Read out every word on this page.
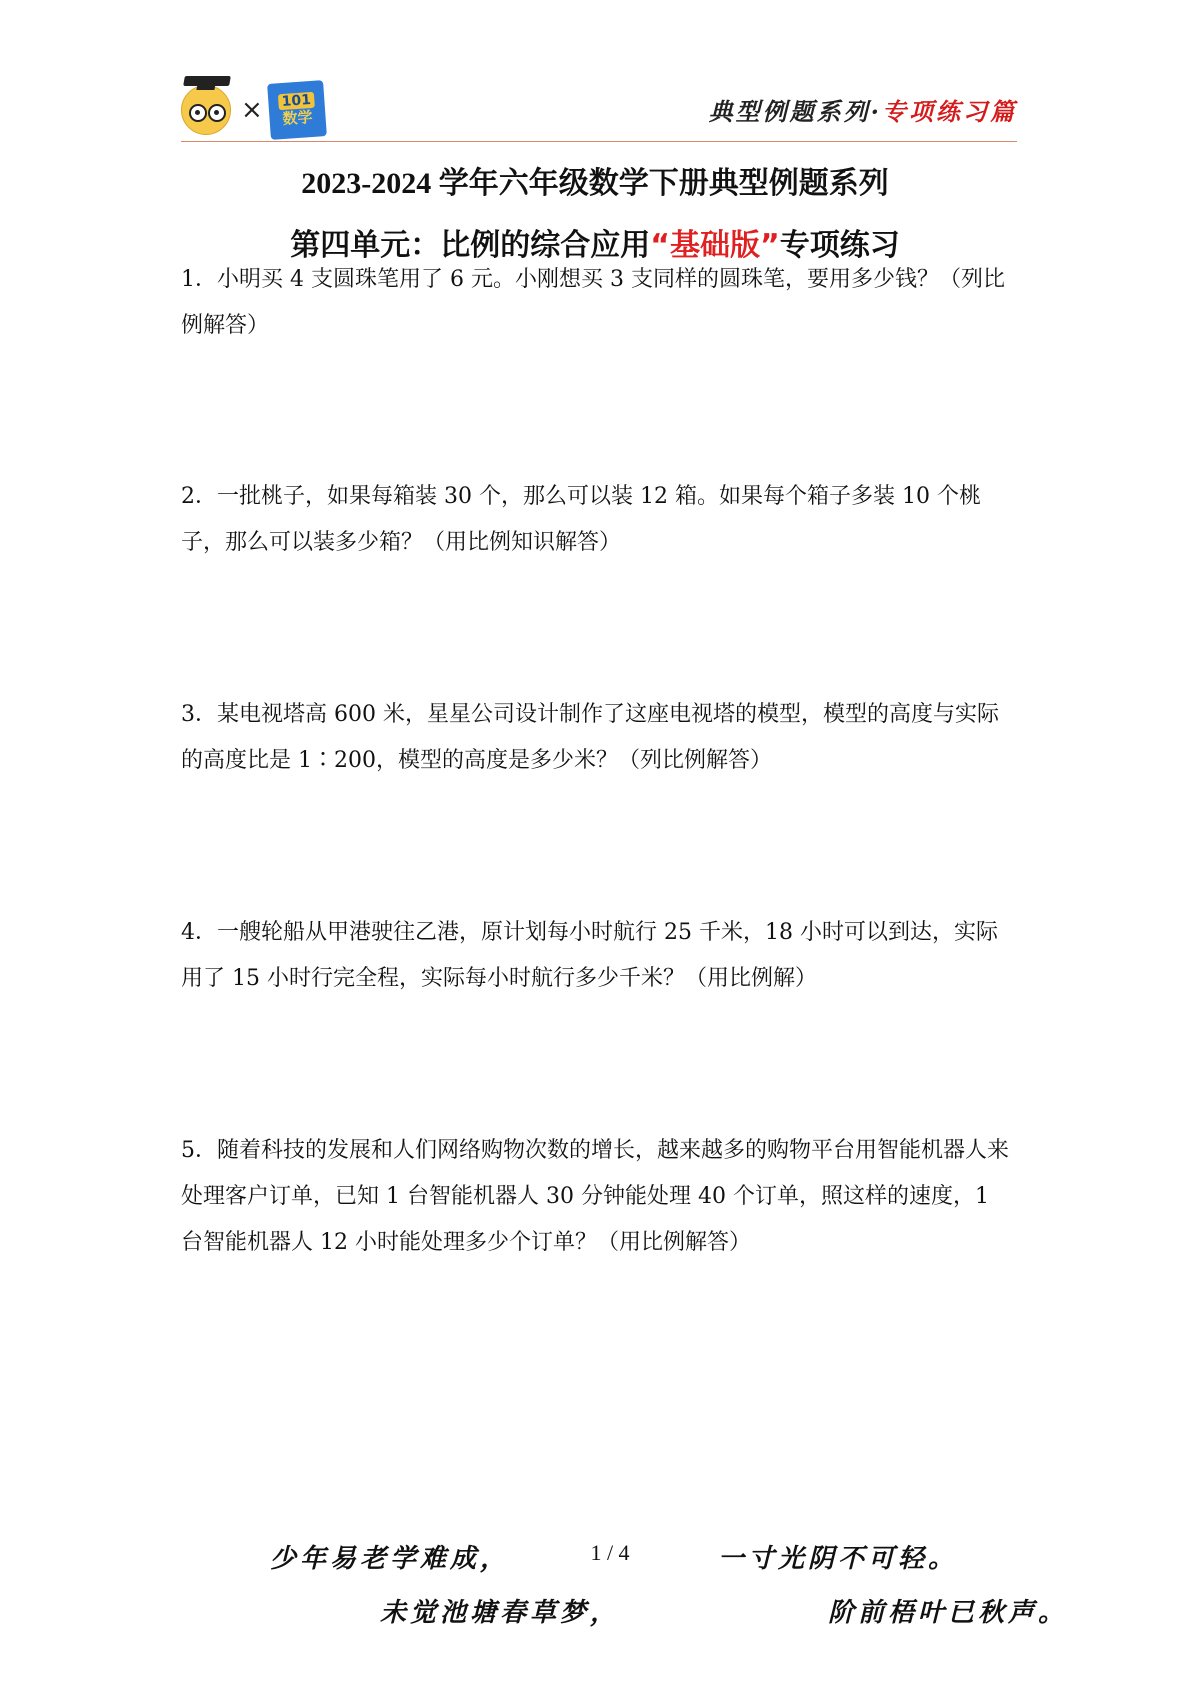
× 101
数学	典型例题系列·专项练习篇
2023-2024 学年六年级数学下册典型例题系列
第四单元：比例的综合应用“基础版”专项练习

1．小明买 4 支圆珠笔用了 6 元。小刚想买 3 支同样的圆珠笔，要用多少钱？（列比例解答）

2．一批桃子，如果每箱装 30 个，那么可以装 12 箱。如果每个箱子多装 10 个桃子，那么可以装多少箱？（用比例知识解答）

3．某电视塔高 600 米，星星公司设计制作了这座电视塔的模型，模型的高度与实际的高度比是 1∶200，模型的高度是多少米？（列比例解答）

4．一艘轮船从甲港驶往乙港，原计划每小时航行 25 千米，18 小时可以到达，实际用了 15 小时行完全程，实际每小时航行多少千米？（用比例解）

5．随着科技的发展和人们网络购物次数的增长，越来越多的购物平台用智能机器人来处理客户订单，已知 1 台智能机器人 30 分钟能处理 40 个订单，照这样的速度，1 台智能机器人 12 小时能处理多少个订单？（用比例解答）

少年易老学难成，	1 / 4	一寸光阴不可轻。
未觉池塘春草梦，	阶前梧叶已秋声。
